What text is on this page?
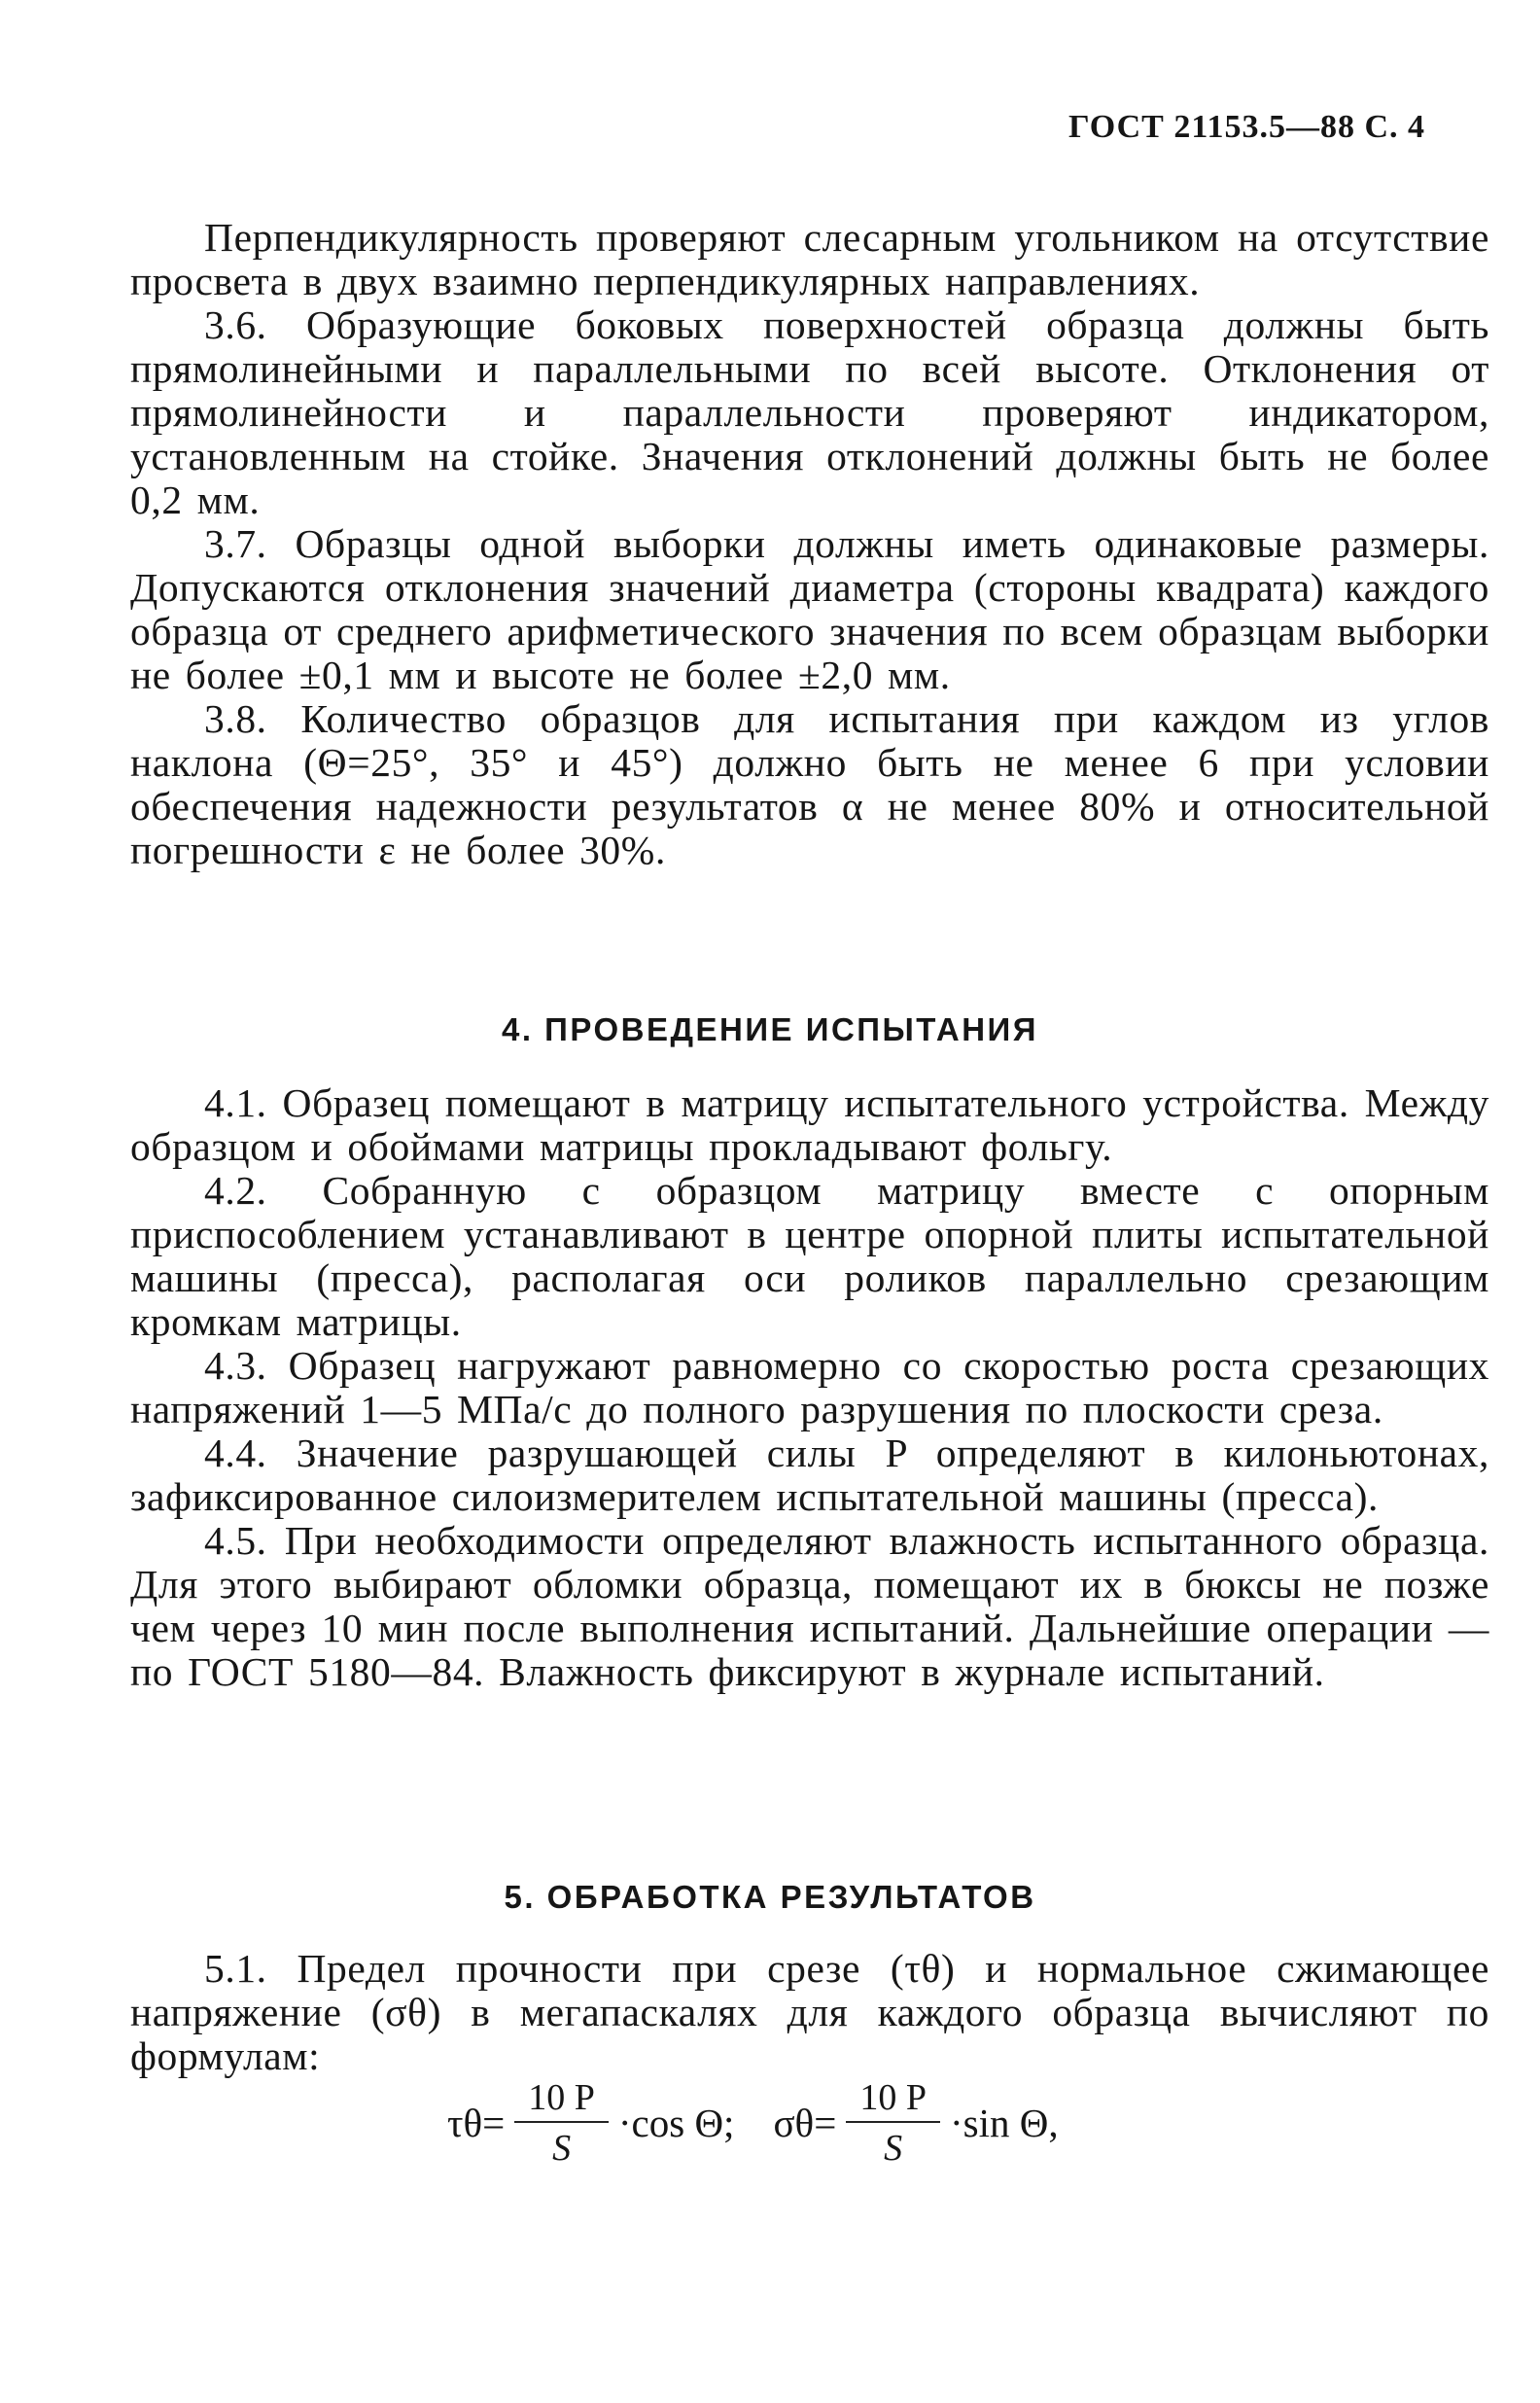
ГОСТ 21153.5—88 С. 4

Перпендикулярность проверяют слесарным угольником на отсутствие просвета в двух взаимно перпендикулярных направлениях.

3.6. Образующие боковых поверхностей образца должны быть прямолинейными и параллельными по всей высоте. Отклонения от прямолинейности и параллельности проверяют индикатором, установленным на стойке. Значения отклонений должны быть не более 0,2 мм.

3.7. Образцы одной выборки должны иметь одинаковые размеры. Допускаются отклонения значений диаметра (стороны квадрата) каждого образца от среднего арифметического значения по всем образцам выборки не более ±0,1 мм и высоте не более ±2,0 мм.

3.8. Количество образцов для испытания при каждом из углов наклона (Θ=25°, 35° и 45°) должно быть не менее 6 при условии обеспечения надежности результатов α не менее 80% и относительной погрешности ε не более 30%.

4. ПРОВЕДЕНИЕ ИСПЫТАНИЯ

4.1. Образец помещают в матрицу испытательного устройства. Между образцом и обоймами матрицы прокладывают фольгу.

4.2. Собранную с образцом матрицу вместе с опорным приспособлением устанавливают в центре опорной плиты испытательной машины (пресса), располагая оси роликов параллельно срезающим кромкам матрицы.

4.3. Образец нагружают равномерно со скоростью роста срезающих напряжений 1—5 МПа/с до полного разрушения по плоскости среза.

4.4. Значение разрушающей силы P определяют в килоньютонах, зафиксированное силоизмерителем испытательной машины (пресса).

4.5. При необходимости определяют влажность испытанного образца. Для этого выбирают обломки образца, помещают их в бюксы не позже чем через 10 мин после выполнения испытаний. Дальнейшие операции — по ГОСТ 5180—84. Влажность фиксируют в журнале испытаний.

5. ОБРАБОТКА РЕЗУЛЬТАТОВ

5.1. Предел прочности при срезе (τθ) и нормальное сжимающее напряжение (σθ) в мегапаскалях для каждого образца вычисляют по формулам:

$\tau\theta= \frac{10 P}{S} \cdot\cos$ Θ; $\sigma\theta= \frac{10 P}{S} \cdot\sin$ Θ,
